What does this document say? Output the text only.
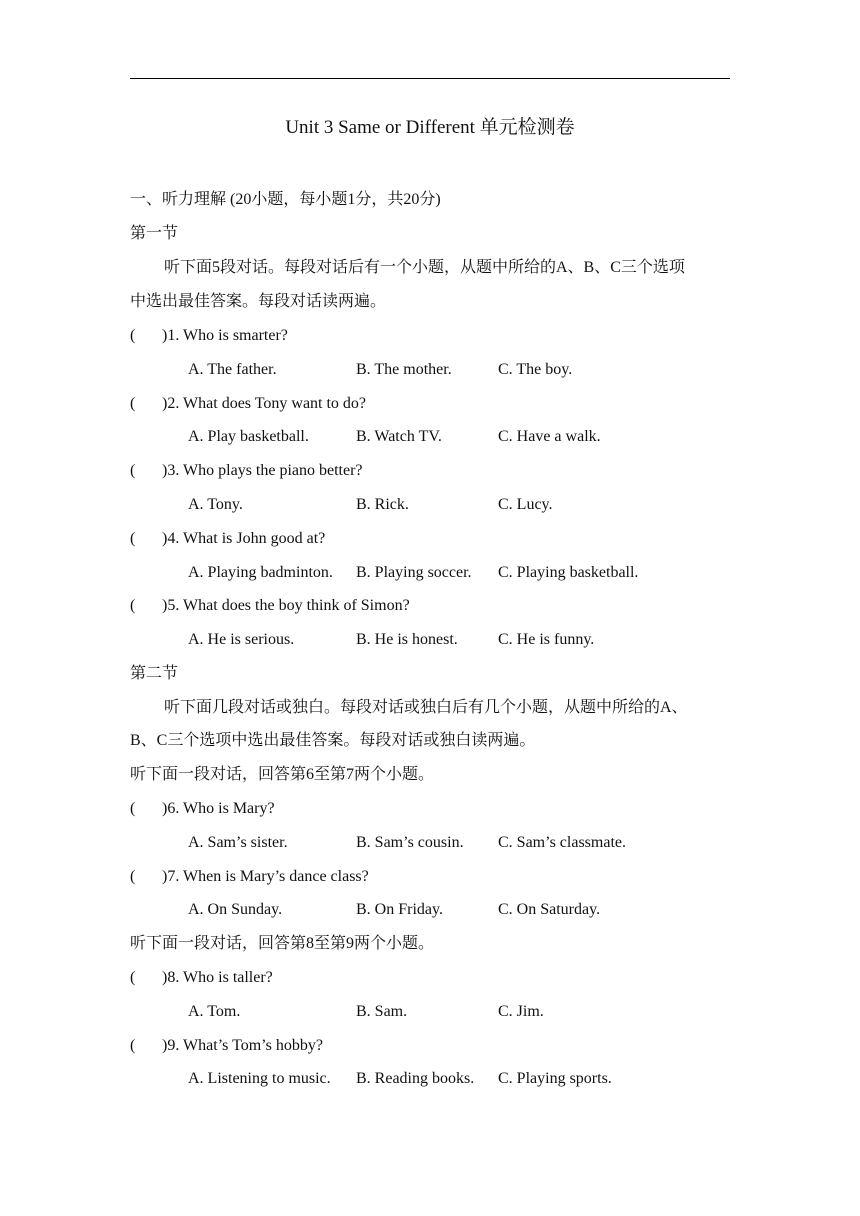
Unit 3 Same or Different 单元检测卷
一、听力理解 (20小题，每小题1分，共20分)
第一节
听下面5段对话。每段对话后有一个小题，从题中所给的A、B、C三个选项
中选出最佳答案。每段对话读两遍。
( )1. Who is smarter?
A. The father.	B. The mother.	C. The boy.
( )2. What does Tony want to do?
A. Play basketball.	B. Watch TV.	C. Have a walk.
( )3. Who plays the piano better?
A. Tony.	B. Rick.	C. Lucy.
( )4. What is John good at?
A. Playing badminton. B. Playing soccer. C. Playing basketball.
( )5. What does the boy think of Simon?
A. He is serious.	B. He is honest.	C. He is funny.
第二节
听下面几段对话或独白。每段对话或独白后有几个小题，从题中所给的A、
B、C三个选项中选出最佳答案。每段对话或独白读两遍。
听下面一段对话，回答第6至第7两个小题。
( )6. Who is Mary?
A. Sam’s sister.	B. Sam’s cousin. C. Sam’s classmate.
( )7. When is Mary’s dance class?
A. On Sunday.	B. On Friday.	C. On Saturday.
听下面一段对话，回答第8至第9两个小题。
( )8. Who is taller?
A. Tom.	B. Sam.	C. Jim.
( )9. What’s Tom’s hobby?
A. Listening to music. B. Reading books. C. Playing sports.
